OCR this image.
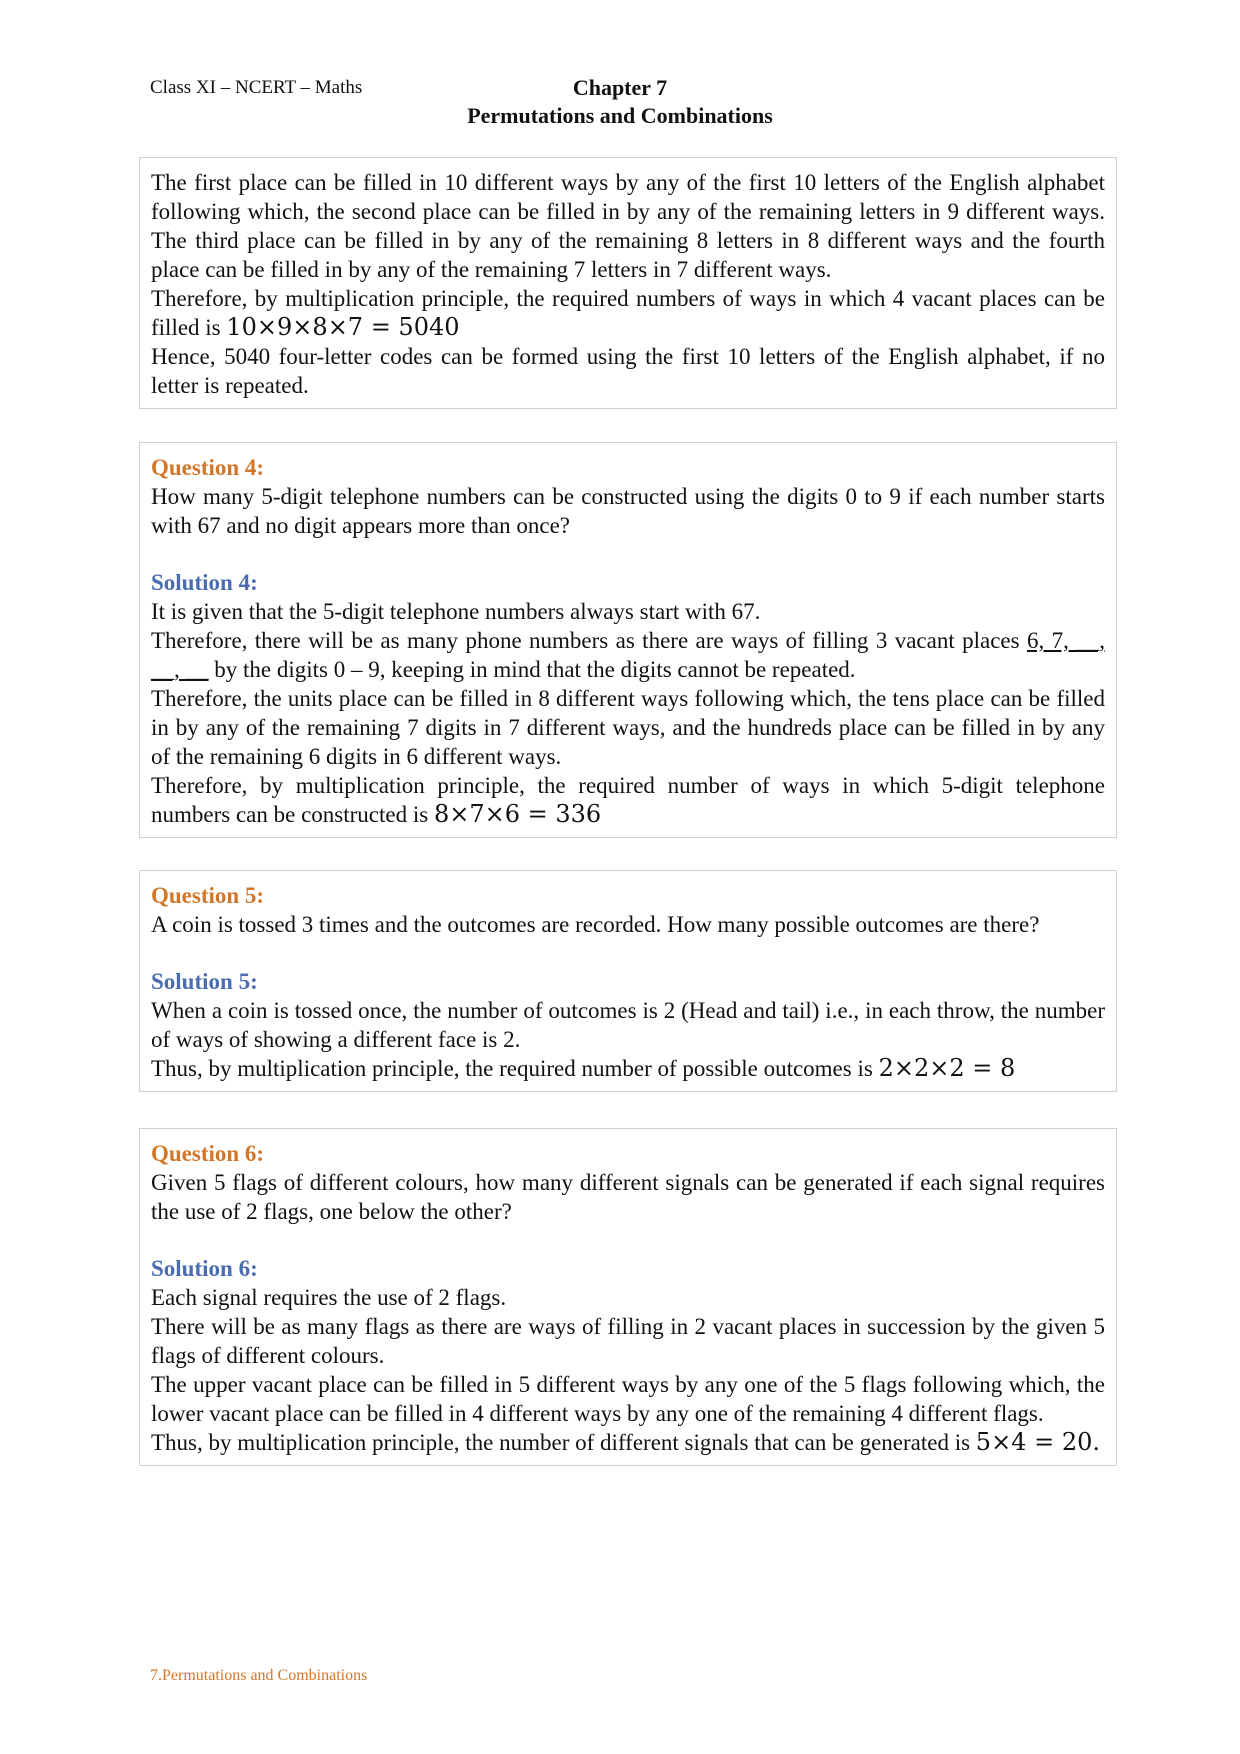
Class XI – NCERT – Maths	Chapter 7
Permutations and Combinations

The first place can be filled in 10 different ways by any of the first 10 letters of the English alphabet following which, the second place can be filled in by any of the remaining letters in 9 different ways. The third place can be filled in by any of the remaining 8 letters in 8 different ways and the fourth place can be filled in by any of the remaining 7 letters in 7 different ways.

Therefore, by multiplication principle, the required numbers of ways in which 4 vacant places can be filled is 10×9×8×7 = 5040

Hence, 5040 four-letter codes can be formed using the first 10 letters of the English alphabet, if no letter is repeated.

Question 4:

How many 5-digit telephone numbers can be constructed using the digits 0 to 9 if each number starts with 67 and no digit appears more than once?

Solution 4:

It is given that the 5-digit telephone numbers always start with 67.

Therefore, there will be as many phone numbers as there are ways of filling 3 vacant places 6, 7, __, __, __ by the digits 0 – 9, keeping in mind that the digits cannot be repeated.

Therefore, the units place can be filled in 8 different ways following which, the tens place can be filled in by any of the remaining 7 digits in 7 different ways, and the hundreds place can be filled in by any of the remaining 6 digits in 6 different ways.

Therefore, by multiplication principle, the required number of ways in which 5-digit telephone numbers can be constructed is 8×7×6 = 336

Question 5:

A coin is tossed 3 times and the outcomes are recorded. How many possible outcomes are there?

Solution 5:

When a coin is tossed once, the number of outcomes is 2 (Head and tail) i.e., in each throw, the number of ways of showing a different face is 2.

Thus, by multiplication principle, the required number of possible outcomes is 2×2×2 = 8

Question 6:

Given 5 flags of different colours, how many different signals can be generated if each signal requires the use of 2 flags, one below the other?

Solution 6:

Each signal requires the use of 2 flags.

There will be as many flags as there are ways of filling in 2 vacant places in succession by the given 5 flags of different colours.

The upper vacant place can be filled in 5 different ways by any one of the 5 flags following which, the lower vacant place can be filled in 4 different ways by any one of the remaining 4 different flags.

Thus, by multiplication principle, the number of different signals that can be generated is 5×4 = 20.

7.Permutations and Combinations
